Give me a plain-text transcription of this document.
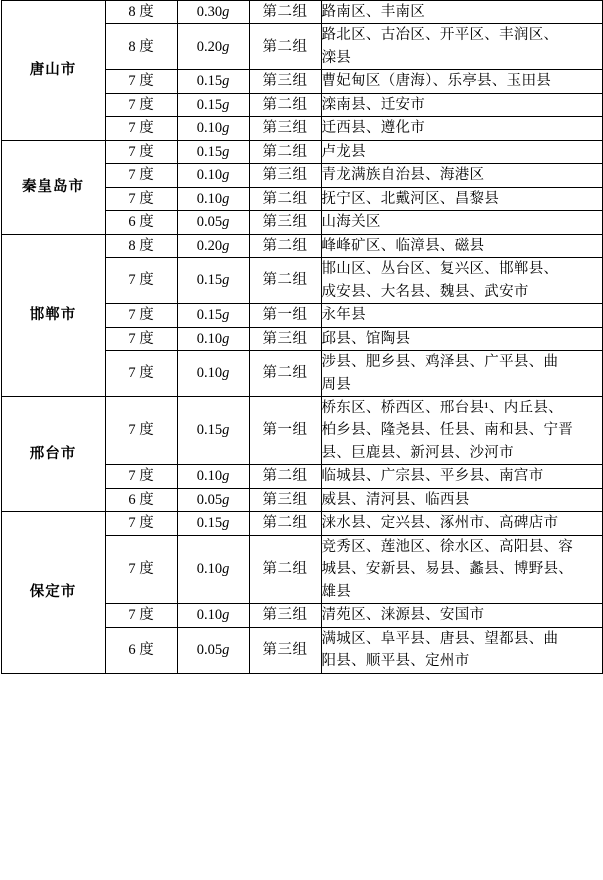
唐山市	8 度	0.30g	第二组	路南区、丰南区

	8 度	0.20g	第二组	路北区、古冶区、开平区、丰润区、
滦县

	7 度	0.15g	第三组	曹妃甸区（唐海）、乐亭县、玉田县

	7 度	0.15g	第二组	滦南县、迁安市

	7 度	0.10g	第三组	迁西县、遵化市

秦皇岛市	7 度	0.15g	第二组	卢龙县

	7 度	0.10g	第三组	青龙满族自治县、海港区

	7 度	0.10g	第二组	抚宁区、北戴河区、昌黎县

	6 度	0.05g	第三组	山海关区

邯郸市	8 度	0.20g	第二组	峰峰矿区、临漳县、磁县

	7 度	0.15g	第二组	邯山区、丛台区、复兴区、邯郸县、
成安县、大名县、魏县、武安市

	7 度	0.15g	第一组	永年县

	7 度	0.10g	第三组	邱县、馆陶县

	7 度	0.10g	第二组	涉县、肥乡县、鸡泽县、广平县、曲
周县

邢台市	7 度	0.15g	第一组	桥东区、桥西区、邢台县¹、内丘县、
柏乡县、隆尧县、任县、南和县、宁晋
县、巨鹿县、新河县、沙河市

	7 度	0.10g	第二组	临城县、广宗县、平乡县、南宫市

	6 度	0.05g	第三组	威县、清河县、临西县

保定市	7 度	0.15g	第二组	涞水县、定兴县、涿州市、高碑店市

	7 度	0.10g	第二组	竞秀区、莲池区、徐水区、高阳县、容
城县、安新县、易县、蠡县、博野县、
雄县

	7 度	0.10g	第三组	清苑区、涞源县、安国市

	6 度	0.05g	第三组	满城区、阜平县、唐县、望都县、曲
阳县、顺平县、定州市
